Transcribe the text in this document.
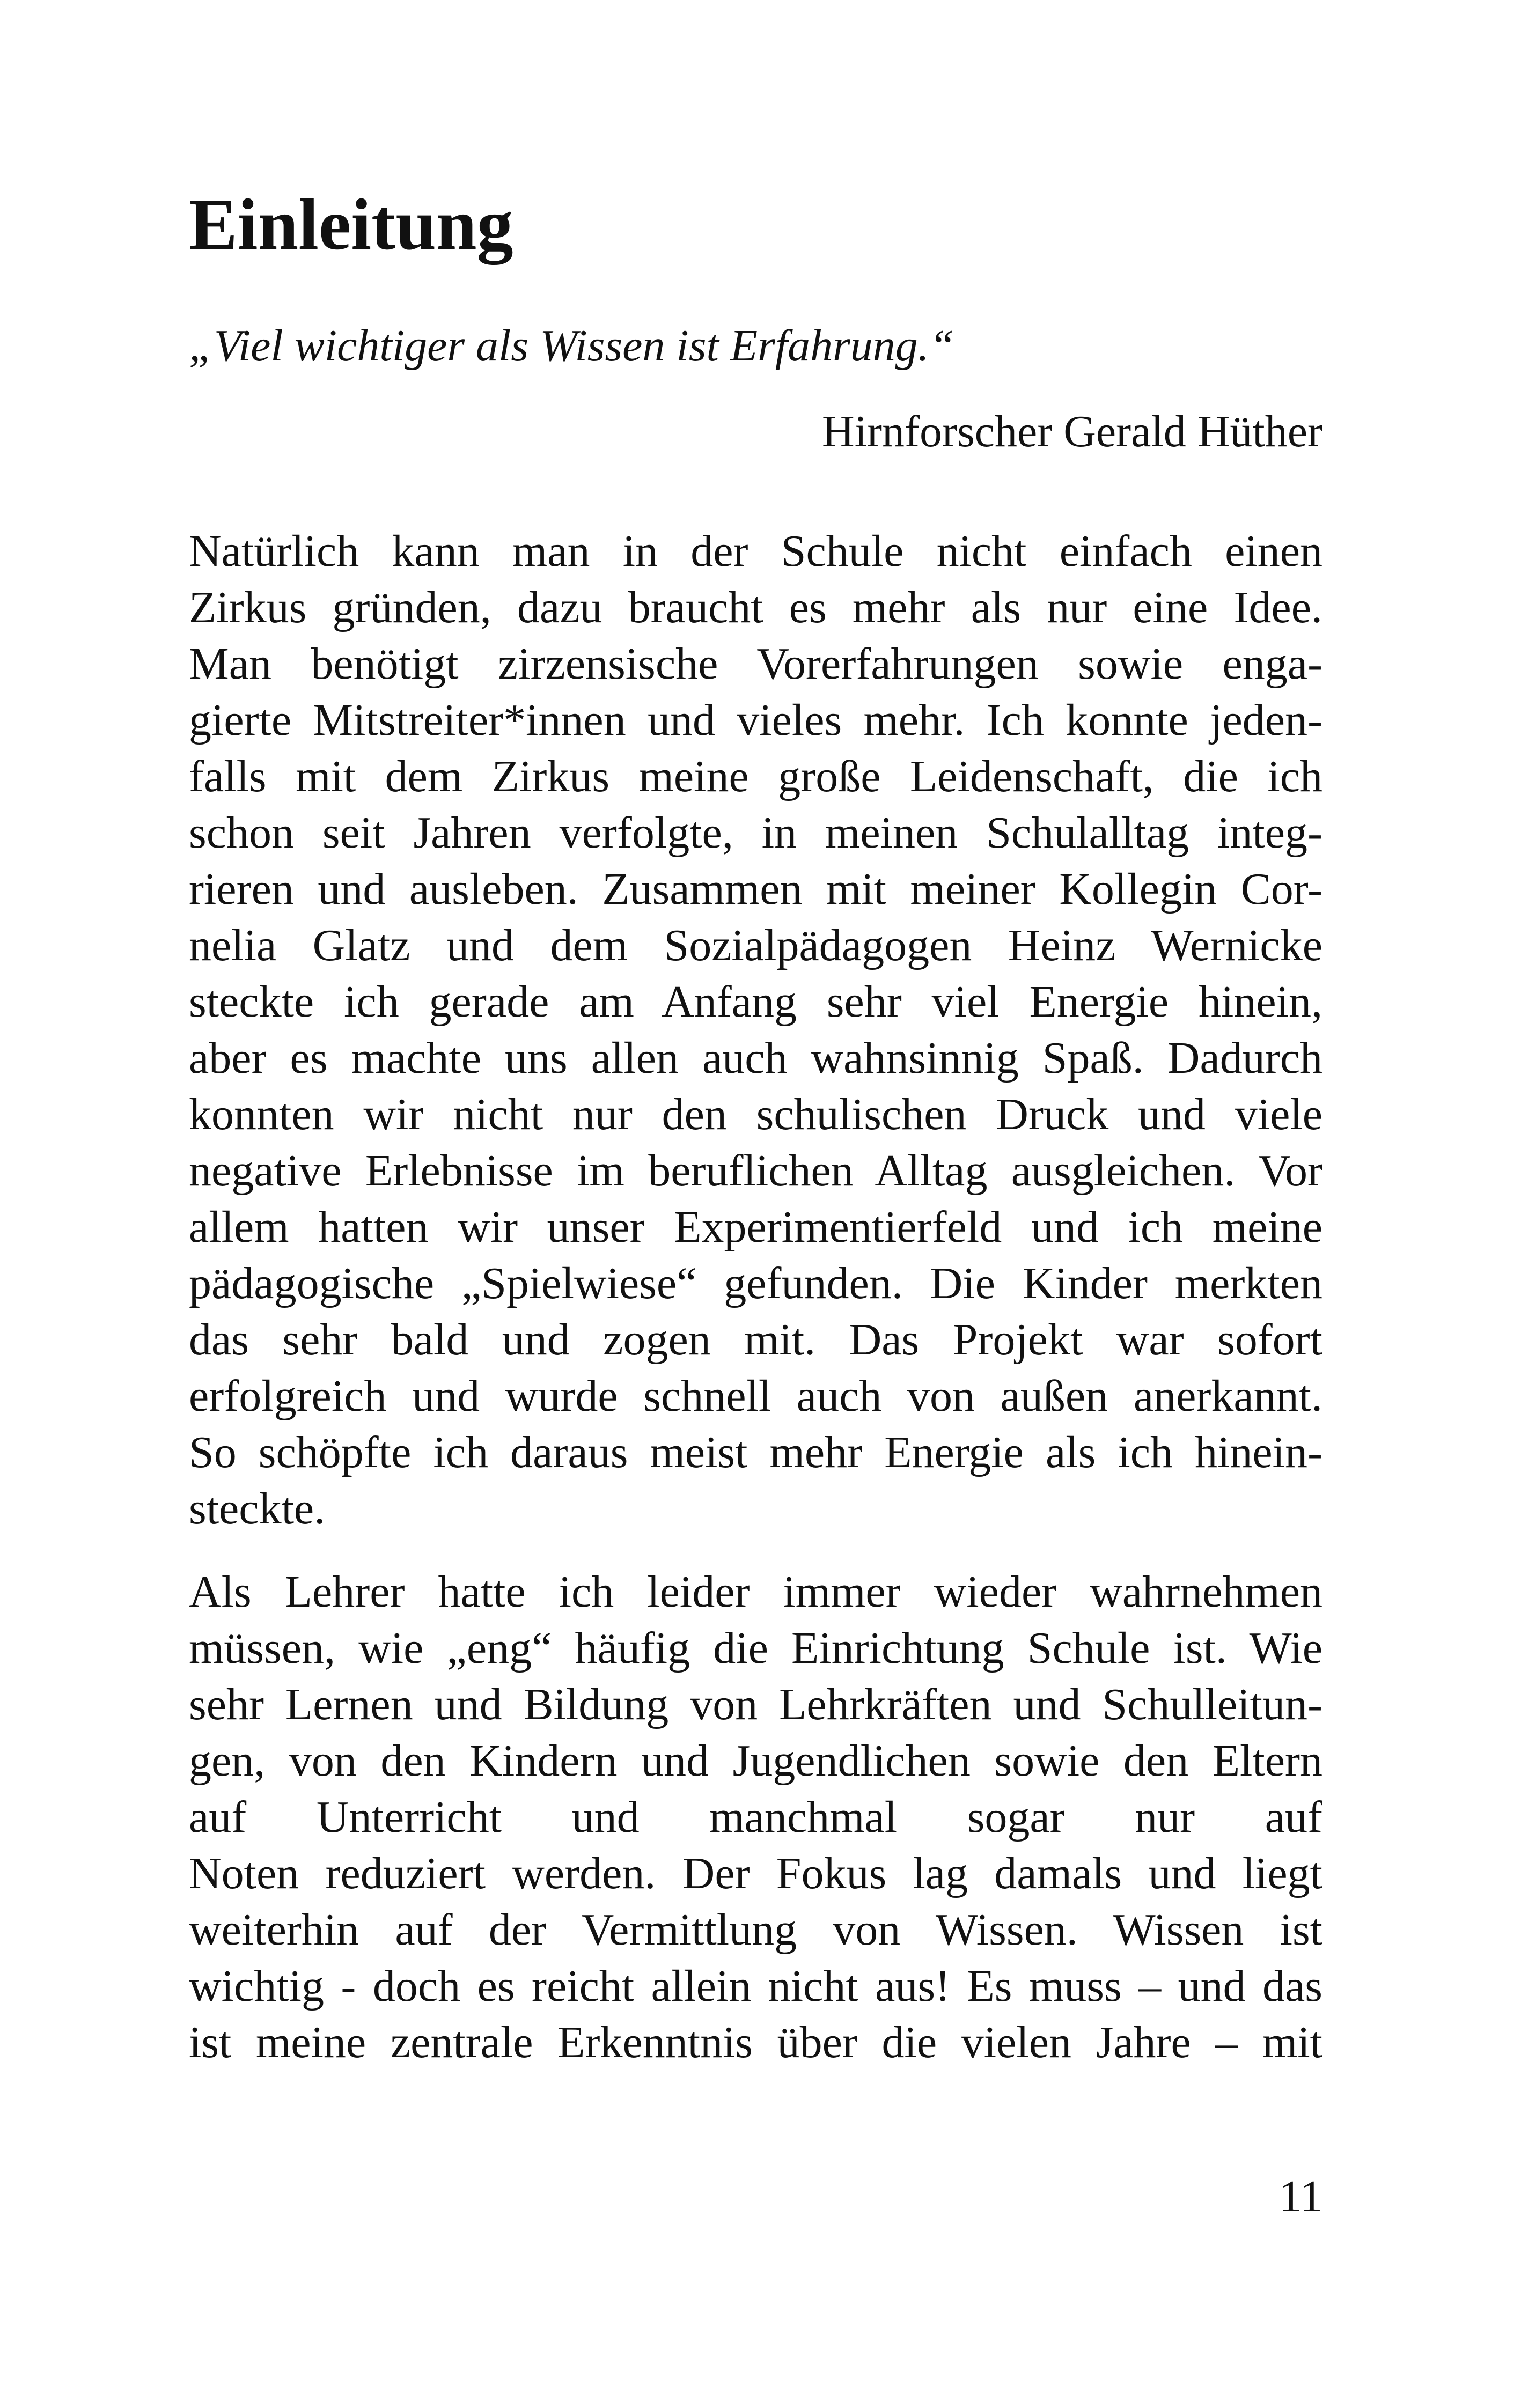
Einleitung

„Viel wichtiger als Wissen ist Erfahrung.“

Hirnforscher Gerald Hüther

Natürlich kann man in der Schule nicht einfach einen
Zirkus gründen, dazu braucht es mehr als nur eine Idee.
Man benötigt zirzensische Vorerfahrungen sowie enga-
gierte Mitstreiter*innen und vieles mehr. Ich konnte jeden-
falls mit dem Zirkus meine große Leidenschaft, die ich
schon seit Jahren verfolgte, in meinen Schulalltag integ-
rieren und ausleben. Zusammen mit meiner Kollegin Cor-
nelia Glatz und dem Sozialpädagogen Heinz Wernicke
steckte ich gerade am Anfang sehr viel Energie hinein,
aber es machte uns allen auch wahnsinnig Spaß. Dadurch
konnten wir nicht nur den schulischen Druck und viele
negative Erlebnisse im beruflichen Alltag ausgleichen. Vor
allem hatten wir unser Experimentierfeld und ich meine
pädagogische „Spielwiese“ gefunden. Die Kinder merkten
das sehr bald und zogen mit. Das Projekt war sofort
erfolgreich und wurde schnell auch von außen anerkannt.
So schöpfte ich daraus meist mehr Energie als ich hinein-
steckte.
Als Lehrer hatte ich leider immer wieder wahrnehmen
müssen, wie „eng“ häufig die Einrichtung Schule ist. Wie
sehr Lernen und Bildung von Lehrkräften und Schulleitun-
gen, von den Kindern und Jugendlichen sowie den Eltern
auf Unterricht und manchmal sogar nur auf
Noten reduziert werden. Der Fokus lag damals und liegt
weiterhin auf der Vermittlung von Wissen. Wissen ist
wichtig - doch es reicht allein nicht aus! Es muss – und das
ist meine zentrale Erkenntnis über die vielen Jahre – mit

11
